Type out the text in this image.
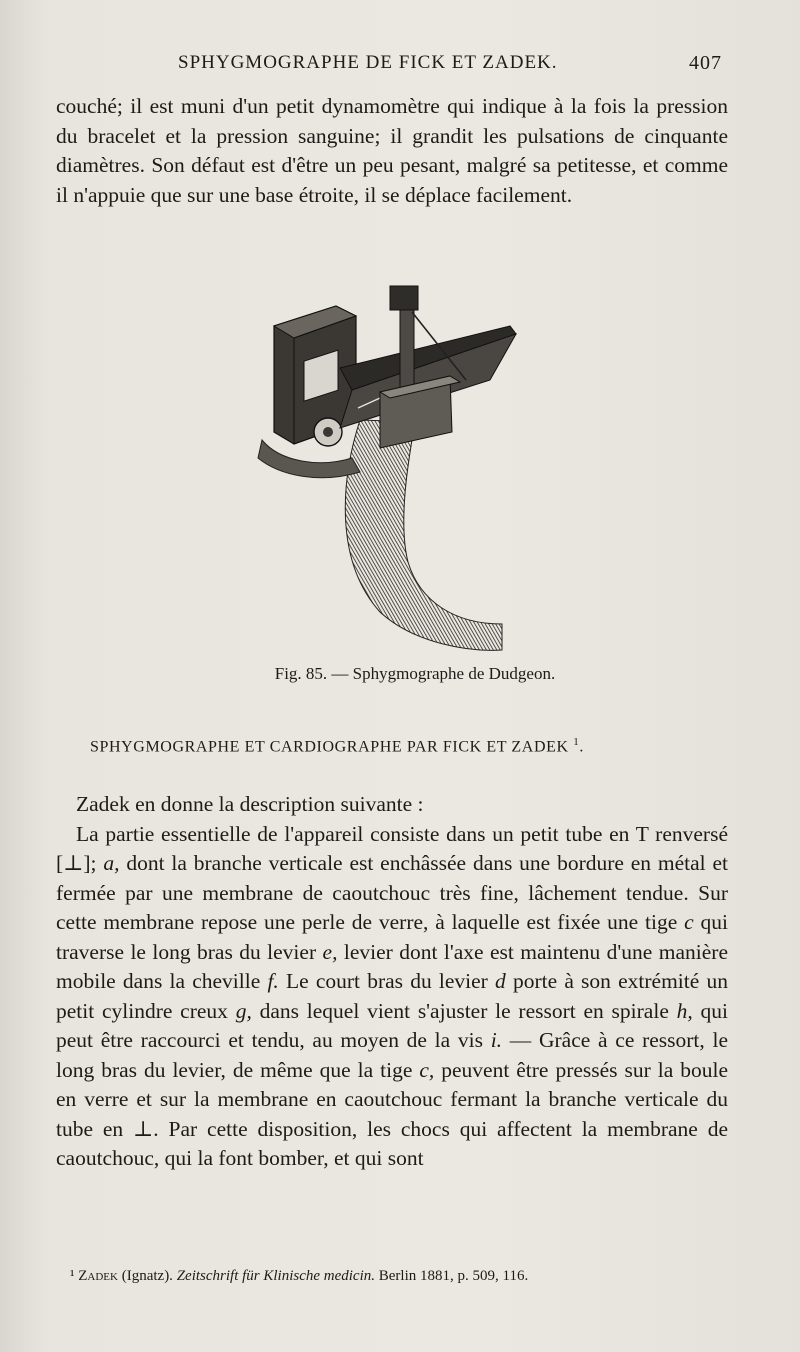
SPHYGMOGRAPHE DE FICK ET ZADEK.	407

couché; il est muni d'un petit dynamomètre qui indique à la fois la pression du bracelet et la pression sanguine; il grandit les pulsations de cinquante diamètres. Son défaut est d'être un peu pesant, malgré sa petitesse, et comme il n'appuie que sur une base étroite, il se déplace facilement.

Fig. 85. — Sphygmographe de Dudgeon.
SPHYGMOGRAPHE ET CARDIOGRAPHE PAR FICK ET ZADEK $^1$.

Zadek en donne la description suivante :

La partie essentielle de l'appareil consiste dans un petit tube en T renversé [⊥]; a, dont la branche verticale est enchâssée dans une bordure en métal et fermée par une membrane de caoutchouc très fine, lâchement tendue. Sur cette membrane repose une perle de verre, à laquelle est fixée une tige c qui traverse le long bras du levier e, levier dont l'axe est maintenu d'une manière mobile dans la cheville f. Le court bras du levier d porte à son extrémité un petit cylindre creux g, dans lequel vient s'ajuster le ressort en spirale h, qui peut être raccourci et tendu, au moyen de la vis i. — Grâce à ce ressort, le long bras du levier, de même que la tige c, peuvent être pressés sur la boule en verre et sur la membrane en caoutchouc fermant la branche verticale du tube en ⊥. Par cette disposition, les chocs qui affectent la membrane de caoutchouc, qui la font bomber, et qui sont

¹ Zadek (Ignatz). Zeitschrift für Klinische medicin. Berlin 1881, p. 509, 116.
